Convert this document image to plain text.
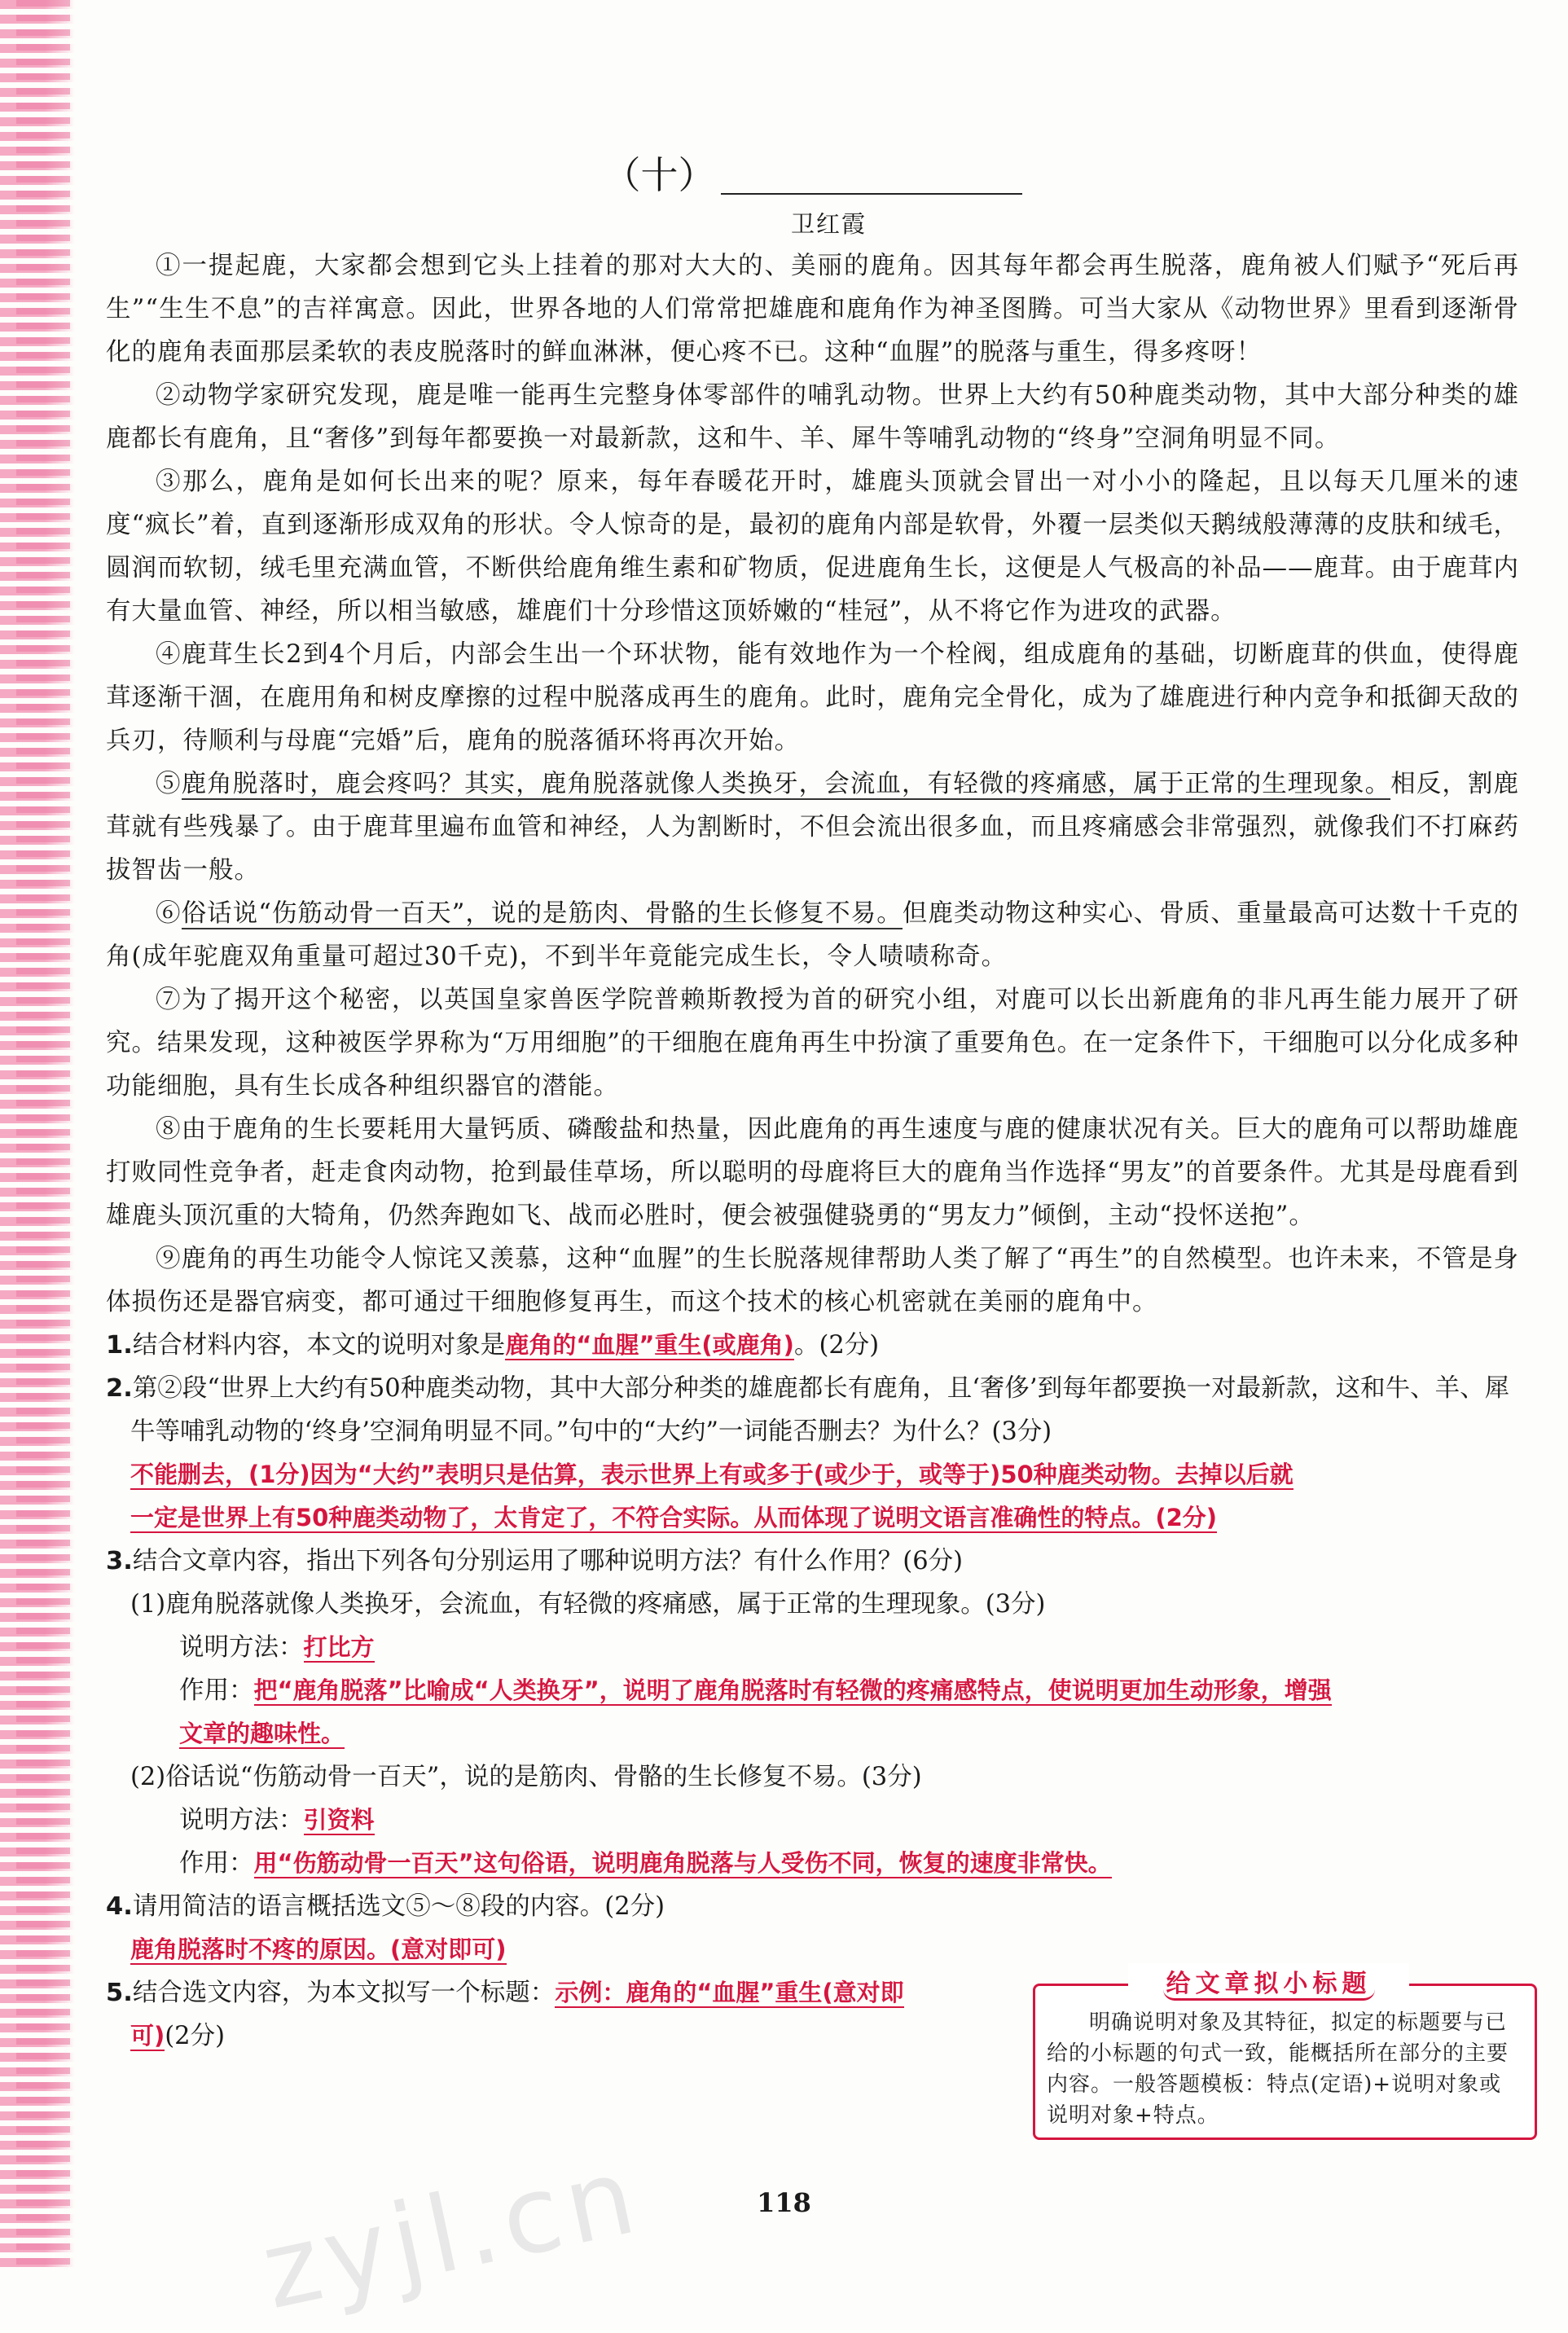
（十）
卫红霞

①一提起鹿，大家都会想到它头上挂着的那对大大的、美丽的鹿角。因其每年都会再生脱落，鹿角被人们赋予“死后再生”“生生不息”的吉祥寓意。因此，世界各地的人们常常把雄鹿和鹿角作为神圣图腾。可当大家从《动物世界》里看到逐渐骨化的鹿角表面那层柔软的表皮脱落时的鲜血淋淋，便心疼不已。这种“血腥”的脱落与重生，得多疼呀！

②动物学家研究发现，鹿是唯一能再生完整身体零部件的哺乳动物。世界上大约有50种鹿类动物，其中大部分种类的雄鹿都长有鹿角，且“奢侈”到每年都要换一对最新款，这和牛、羊、犀牛等哺乳动物的“终身”空洞角明显不同。

③那么，鹿角是如何长出来的呢？原来，每年春暖花开时，雄鹿头顶就会冒出一对小小的隆起，且以每天几厘米的速度“疯长”着，直到逐渐形成双角的形状。令人惊奇的是，最初的鹿角内部是软骨，外覆一层类似天鹅绒般薄薄的皮肤和绒毛，圆润而软韧，绒毛里充满血管，不断供给鹿角维生素和矿物质，促进鹿角生长，这便是人气极高的补品——鹿茸。由于鹿茸内有大量血管、神经，所以相当敏感，雄鹿们十分珍惜这顶娇嫩的“桂冠”，从不将它作为进攻的武器。

④鹿茸生长2到4个月后，内部会生出一个环状物，能有效地作为一个栓阀，组成鹿角的基础，切断鹿茸的供血，使得鹿茸逐渐干涸，在鹿用角和树皮摩擦的过程中脱落成再生的鹿角。此时，鹿角完全骨化，成为了雄鹿进行种内竞争和抵御天敌的兵刃，待顺利与母鹿“完婚”后，鹿角的脱落循环将再次开始。

⑤鹿角脱落时，鹿会疼吗？其实，鹿角脱落就像人类换牙，会流血，有轻微的疼痛感，属于正常的生理现象。相反，割鹿茸就有些残暴了。由于鹿茸里遍布血管和神经，人为割断时，不但会流出很多血，而且疼痛感会非常强烈，就像我们不打麻药拔智齿一般。

⑥俗话说“伤筋动骨一百天”，说的是筋肉、骨骼的生长修复不易。但鹿类动物这种实心、骨质、重量最高可达数十千克的角(成年驼鹿双角重量可超过30千克)，不到半年竟能完成生长，令人啧啧称奇。

⑦为了揭开这个秘密，以英国皇家兽医学院普赖斯教授为首的研究小组，对鹿可以长出新鹿角的非凡再生能力展开了研究。结果发现，这种被医学界称为“万用细胞”的干细胞在鹿角再生中扮演了重要角色。在一定条件下，干细胞可以分化成多种功能细胞，具有生长成各种组织器官的潜能。

⑧由于鹿角的生长要耗用大量钙质、磷酸盐和热量，因此鹿角的再生速度与鹿的健康状况有关。巨大的鹿角可以帮助雄鹿打败同性竞争者，赶走食肉动物，抢到最佳草场，所以聪明的母鹿将巨大的鹿角当作选择“男友”的首要条件。尤其是母鹿看到雄鹿头顶沉重的大犄角，仍然奔跑如飞、战而必胜时，便会被强健骁勇的“男友力”倾倒，主动“投怀送抱”。

⑨鹿角的再生功能令人惊诧又羡慕，这种“血腥”的生长脱落规律帮助人类了解了“再生”的自然模型。也许未来，不管是身体损伤还是器官病变，都可通过干细胞修复再生，而这个技术的核心机密就在美丽的鹿角中。

1.结合材料内容，本文的说明对象是鹿角的“血腥”重生(或鹿角)。(2分)

2.第②段“世界上大约有50种鹿类动物，其中大部分种类的雄鹿都长有鹿角，且‘奢侈’到每年都要换一对最新款，这和牛、羊、犀牛等哺乳动物的‘终身’空洞角明显不同。”句中的“大约”一词能否删去？为什么？(3分)

不能删去，(1分)因为“大约”表明只是估算，表示世界上有或多于(或少于，或等于)50种鹿类动物。去掉以后就
一定是世界上有50种鹿类动物了，太肯定了，不符合实际。从而体现了说明文语言准确性的特点。(2分)

3.结合文章内容，指出下列各句分别运用了哪种说明方法？有什么作用？(6分)

(1)鹿角脱落就像人类换牙，会流血，有轻微的疼痛感，属于正常的生理现象。(3分)

说明方法：打比方

作用：把“鹿角脱落”比喻成“人类换牙”，说明了鹿角脱落时有轻微的疼痛感特点，使说明更加生动形象，增强
文章的趣味性。

(2)俗话说“伤筋动骨一百天”，说的是筋肉、骨骼的生长修复不易。(3分)

说明方法：引资料

作用：用“伤筋动骨一百天”这句俗语，说明鹿角脱落与人受伤不同，恢复的速度非常快。

4.请用简洁的语言概括选文⑤～⑧段的内容。(2分)

鹿角脱落时不疼的原因。(意对即可)

5.结合选文内容，为本文拟写一个标题：示例：鹿角的“血腥”重生(意对即

可)(2分)	明确说明对象及其特征，拟定的标题要与已给的小标题的句式一致，能概括所在部分的主要内容。一般答题模板：特点(定语)+说明对象或说明对象+特点。
给文章拟小标题
118
zyjl.cn
